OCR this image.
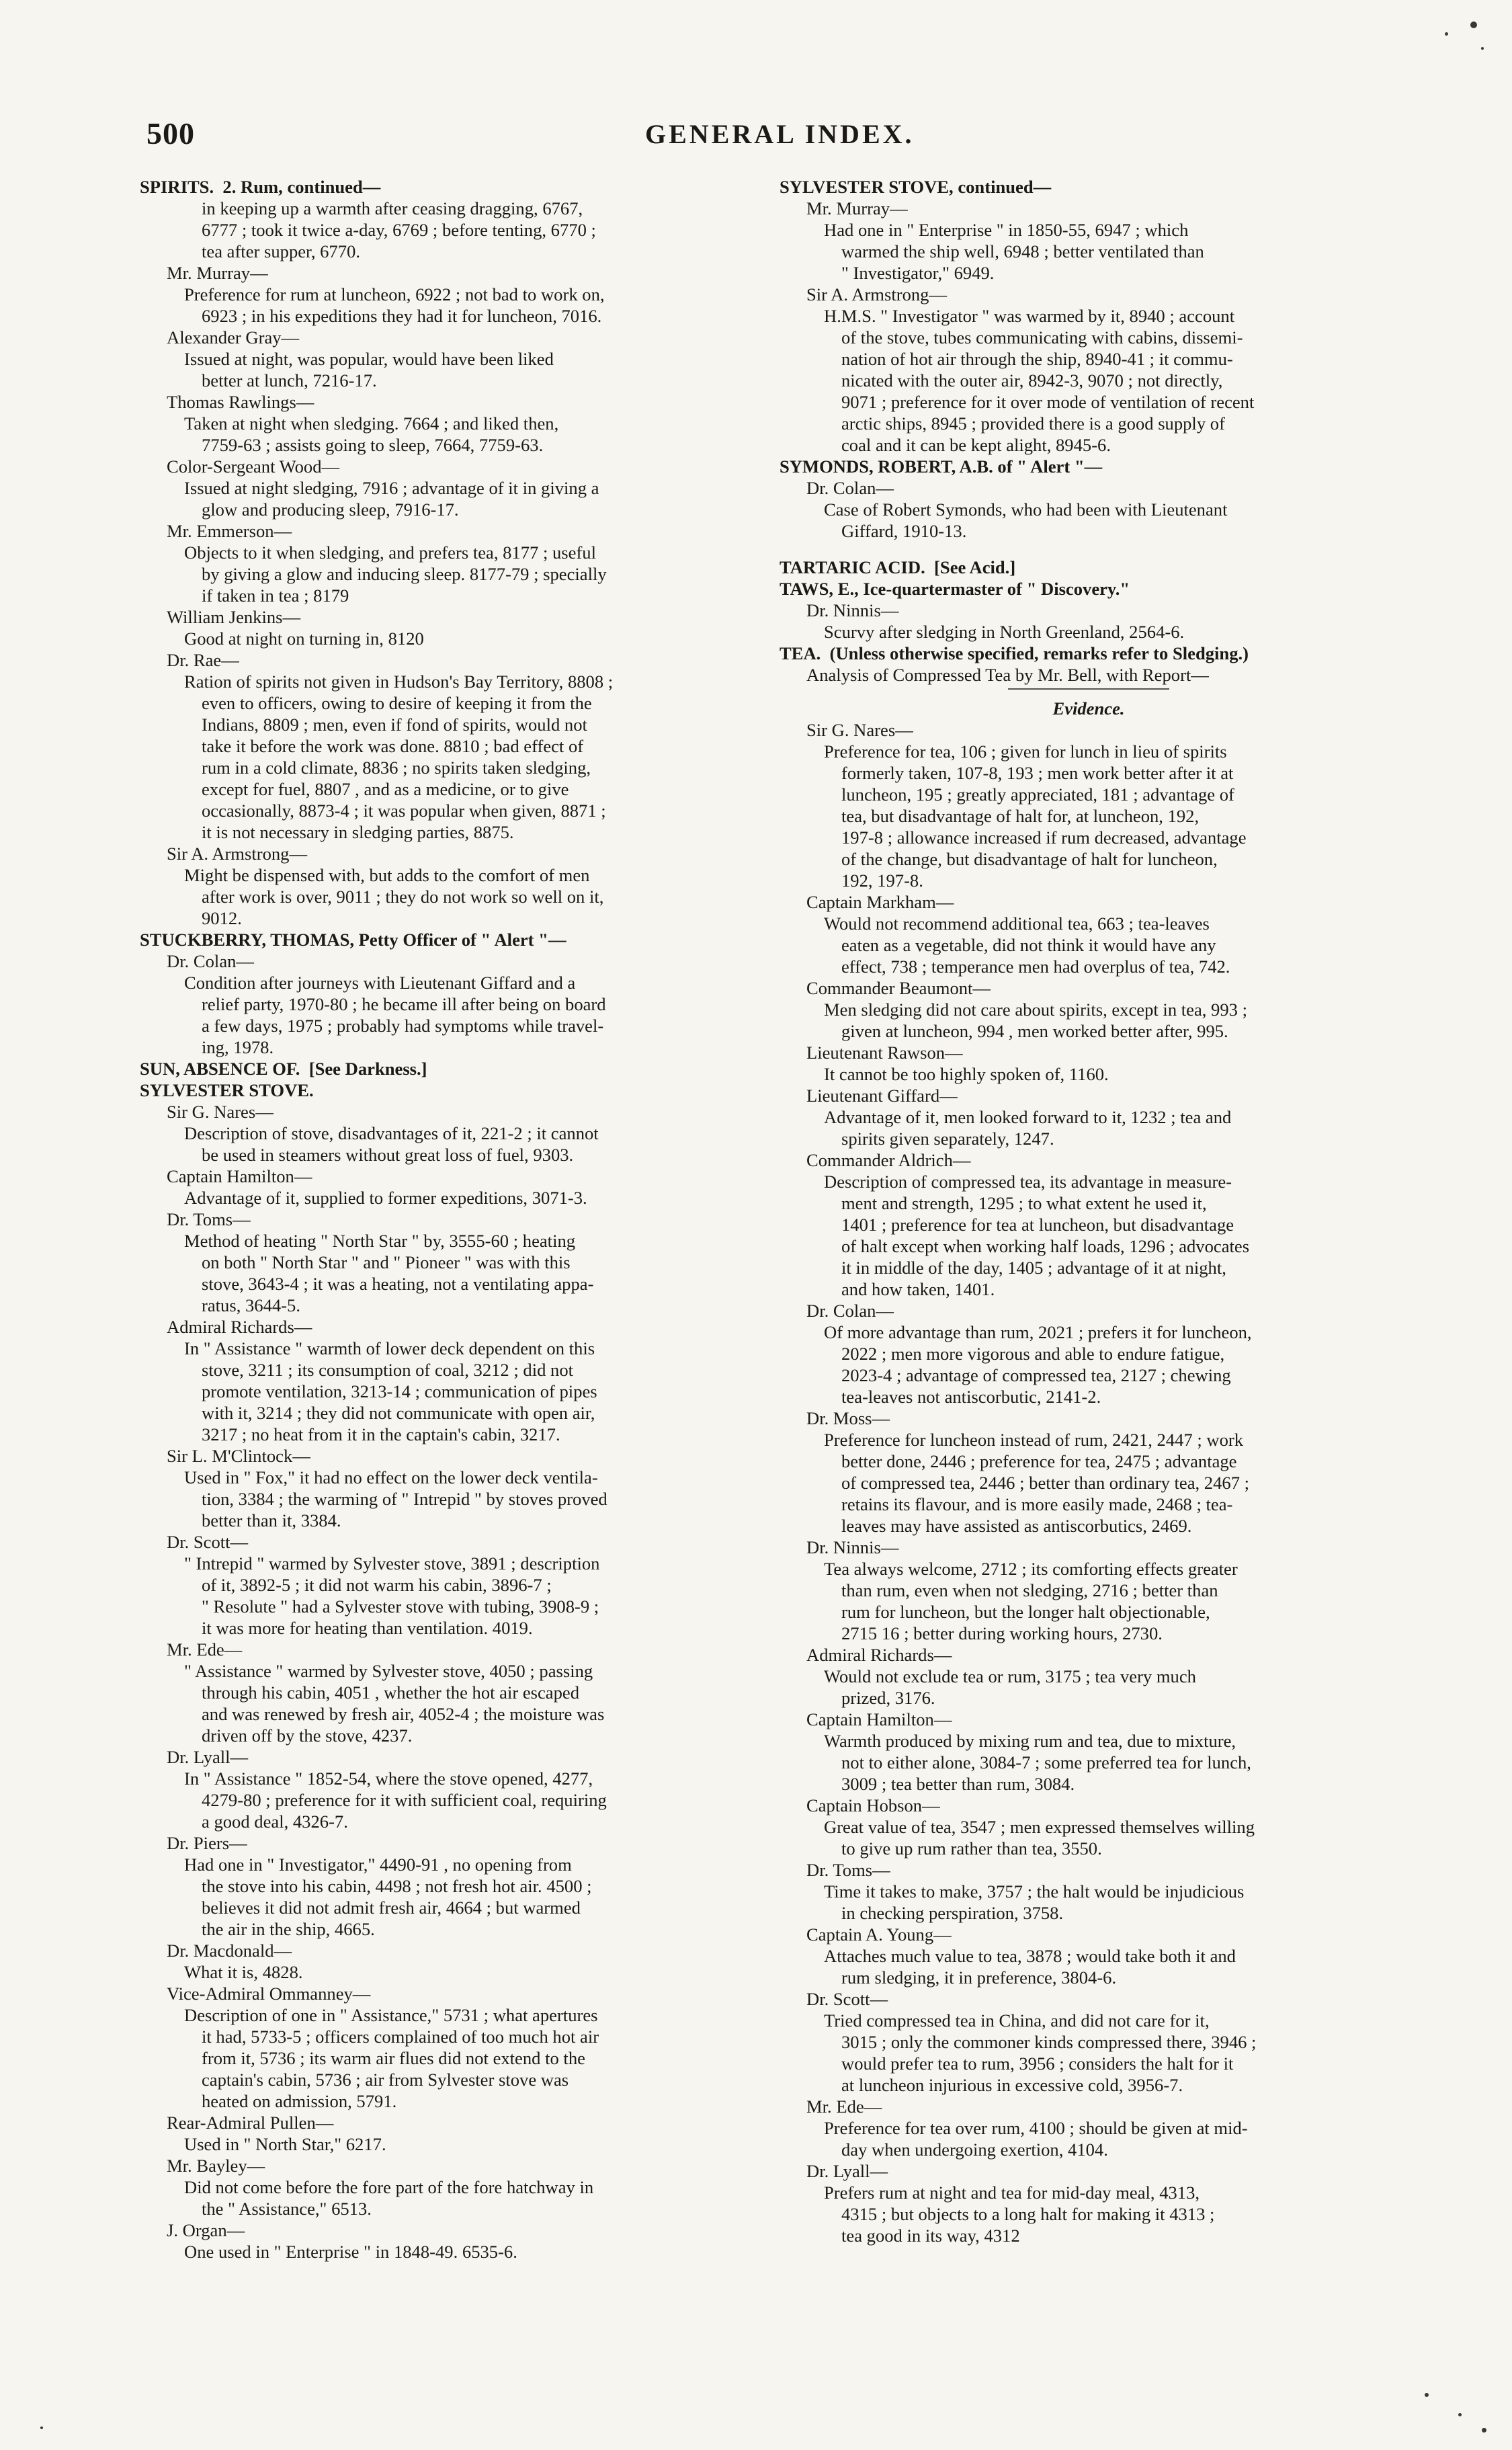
500	GENERAL INDEX.
SPIRITS.  2. Rum, continued—
in keeping up a warmth after ceasing dragging, 6767,
6777 ; took it twice a-day, 6769 ; before tenting, 6770 ;
tea after supper, 6770.
Mr. Murray—
Preference for rum at luncheon, 6922 ; not bad to work on,
6923 ; in his expeditions they had it for luncheon, 7016.
Alexander Gray—
Issued at night, was popular, would have been liked
better at lunch, 7216-17.
Thomas Rawlings—
Taken at night when sledging. 7664 ; and liked then,
7759-63 ; assists going to sleep, 7664, 7759-63.
Color-Sergeant Wood—
Issued at night sledging, 7916 ; advantage of it in giving a
glow and producing sleep, 7916-17.
Mr. Emmerson—
Objects to it when sledging, and prefers tea, 8177 ; useful
by giving a glow and inducing sleep. 8177-79 ; specially
if taken in tea ; 8179
William Jenkins—
Good at night on turning in, 8120
Dr. Rae—
Ration of spirits not given in Hudson's Bay Territory, 8808 ;
even to officers, owing to desire of keeping it from the
Indians, 8809 ; men, even if fond of spirits, would not
take it before the work was done. 8810 ; bad effect of
rum in a cold climate, 8836 ; no spirits taken sledging,
except for fuel, 8807 , and as a medicine, or to give
occasionally, 8873-4 ; it was popular when given, 8871 ;
it is not necessary in sledging parties, 8875.
Sir A. Armstrong—
Might be dispensed with, but adds to the comfort of men
after work is over, 9011 ; they do not work so well on it,
9012.
STUCKBERRY, THOMAS, Petty Officer of " Alert "—
Dr. Colan—
Condition after journeys with Lieutenant Giffard and a
relief party, 1970-80 ; he became ill after being on board
a few days, 1975 ; probably had symptoms while travel-
ing, 1978.
SUN, ABSENCE OF.  [See Darkness.]
SYLVESTER STOVE.
Sir G. Nares—
Description of stove, disadvantages of it, 221-2 ; it cannot
be used in steamers without great loss of fuel, 9303.
Captain Hamilton—
Advantage of it, supplied to former expeditions, 3071-3.
Dr. Toms—
Method of heating " North Star " by, 3555-60 ; heating
on both " North Star " and " Pioneer " was with this
stove, 3643-4 ; it was a heating, not a ventilating appa-
ratus, 3644-5.
Admiral Richards—
In " Assistance " warmth of lower deck dependent on this
stove, 3211 ; its consumption of coal, 3212 ; did not
promote ventilation, 3213-14 ; communication of pipes
with it, 3214 ; they did not communicate with open air,
3217 ; no heat from it in the captain's cabin, 3217.
Sir L. M'Clintock—
Used in " Fox," it had no effect on the lower deck ventila-
tion, 3384 ; the warming of " Intrepid " by stoves proved
better than it, 3384.
Dr. Scott—
" Intrepid " warmed by Sylvester stove, 3891 ; description
of it, 3892-5 ; it did not warm his cabin, 3896-7 ;
" Resolute " had a Sylvester stove with tubing, 3908-9 ;
it was more for heating than ventilation. 4019.
Mr. Ede—
" Assistance " warmed by Sylvester stove, 4050 ; passing
through his cabin, 4051 , whether the hot air escaped
and was renewed by fresh air, 4052-4 ; the moisture was
driven off by the stove, 4237.
Dr. Lyall—
In " Assistance " 1852-54, where the stove opened, 4277,
4279-80 ; preference for it with sufficient coal, requiring
a good deal, 4326-7.
Dr. Piers—
Had one in " Investigator," 4490-91 , no opening from
the stove into his cabin, 4498 ; not fresh hot air. 4500 ;
believes it did not admit fresh air, 4664 ; but warmed
the air in the ship, 4665.
Dr. Macdonald—
What it is, 4828.
Vice-Admiral Ommanney—
Description of one in " Assistance," 5731 ; what apertures
it had, 5733-5 ; officers complained of too much hot air
from it, 5736 ; its warm air flues did not extend to the
captain's cabin, 5736 ; air from Sylvester stove was
heated on admission, 5791.
Rear-Admiral Pullen—
Used in " North Star," 6217.
Mr. Bayley—
Did not come before the fore part of the fore hatchway in
the " Assistance," 6513.
J. Organ—
One used in " Enterprise " in 1848-49. 6535-6.
SYLVESTER STOVE, continued—
Mr. Murray—
Had one in " Enterprise " in 1850-55, 6947 ; which
warmed the ship well, 6948 ; better ventilated than
" Investigator," 6949.
Sir A. Armstrong—
H.M.S. " Investigator " was warmed by it, 8940 ; account
of the stove, tubes communicating with cabins, dissemi-
nation of hot air through the ship, 8940-41 ; it commu-
nicated with the outer air, 8942-3, 9070 ; not directly,
9071 ; preference for it over mode of ventilation of recent
arctic ships, 8945 ; provided there is a good supply of
coal and it can be kept alight, 8945-6.
SYMONDS, ROBERT, A.B. of " Alert "—
Dr. Colan—
Case of Robert Symonds, who had been with Lieutenant
Giffard, 1910-13.
TARTARIC ACID.  [See Acid.]
TAWS, E., Ice-quartermaster of " Discovery."
Dr. Ninnis—
Scurvy after sledging in North Greenland, 2564-6.
TEA.  (Unless otherwise specified, remarks refer to Sledging.)
Analysis of Compressed Tea by Mr. Bell, with Report—
Evidence.
Sir G. Nares—
Preference for tea, 106 ; given for lunch in lieu of spirits
formerly taken, 107-8, 193 ; men work better after it at
luncheon, 195 ; greatly appreciated, 181 ; advantage of
tea, but disadvantage of halt for, at luncheon, 192,
197-8 ; allowance increased if rum decreased, advantage
of the change, but disadvantage of halt for luncheon,
192, 197-8.
Captain Markham—
Would not recommend additional tea, 663 ; tea-leaves
eaten as a vegetable, did not think it would have any
effect, 738 ; temperance men had overplus of tea, 742.
Commander Beaumont—
Men sledging did not care about spirits, except in tea, 993 ;
given at luncheon, 994 , men worked better after, 995.
Lieutenant Rawson—
It cannot be too highly spoken of, 1160.
Lieutenant Giffard—
Advantage of it, men looked forward to it, 1232 ; tea and
spirits given separately, 1247.
Commander Aldrich—
Description of compressed tea, its advantage in measure-
ment and strength, 1295 ; to what extent he used it,
1401 ; preference for tea at luncheon, but disadvantage
of halt except when working half loads, 1296 ; advocates
it in middle of the day, 1405 ; advantage of it at night,
and how taken, 1401.
Dr. Colan—
Of more advantage than rum, 2021 ; prefers it for luncheon,
2022 ; men more vigorous and able to endure fatigue,
2023-4 ; advantage of compressed tea, 2127 ; chewing
tea-leaves not antiscorbutic, 2141-2.
Dr. Moss—
Preference for luncheon instead of rum, 2421, 2447 ; work
better done, 2446 ; preference for tea, 2475 ; advantage
of compressed tea, 2446 ; better than ordinary tea, 2467 ;
retains its flavour, and is more easily made, 2468 ; tea-
leaves may have assisted as antiscorbutics, 2469.
Dr. Ninnis—
Tea always welcome, 2712 ; its comforting effects greater
than rum, even when not sledging, 2716 ; better than
rum for luncheon, but the longer halt objectionable,
2715 16 ; better during working hours, 2730.
Admiral Richards—
Would not exclude tea or rum, 3175 ; tea very much
prized, 3176.
Captain Hamilton—
Warmth produced by mixing rum and tea, due to mixture,
not to either alone, 3084-7 ; some preferred tea for lunch,
3009 ; tea better than rum, 3084.
Captain Hobson—
Great value of tea, 3547 ; men expressed themselves willing
to give up rum rather than tea, 3550.
Dr. Toms—
Time it takes to make, 3757 ; the halt would be injudicious
in checking perspiration, 3758.
Captain A. Young—
Attaches much value to tea, 3878 ; would take both it and
rum sledging, it in preference, 3804-6.
Dr. Scott—
Tried compressed tea in China, and did not care for it,
3015 ; only the commoner kinds compressed there, 3946 ;
would prefer tea to rum, 3956 ; considers the halt for it
at luncheon injurious in excessive cold, 3956-7.
Mr. Ede—
Preference for tea over rum, 4100 ; should be given at mid-
day when undergoing exertion, 4104.
Dr. Lyall—
Prefers rum at night and tea for mid-day meal, 4313,
4315 ; but objects to a long halt for making it 4313 ;
tea good in its way, 4312
